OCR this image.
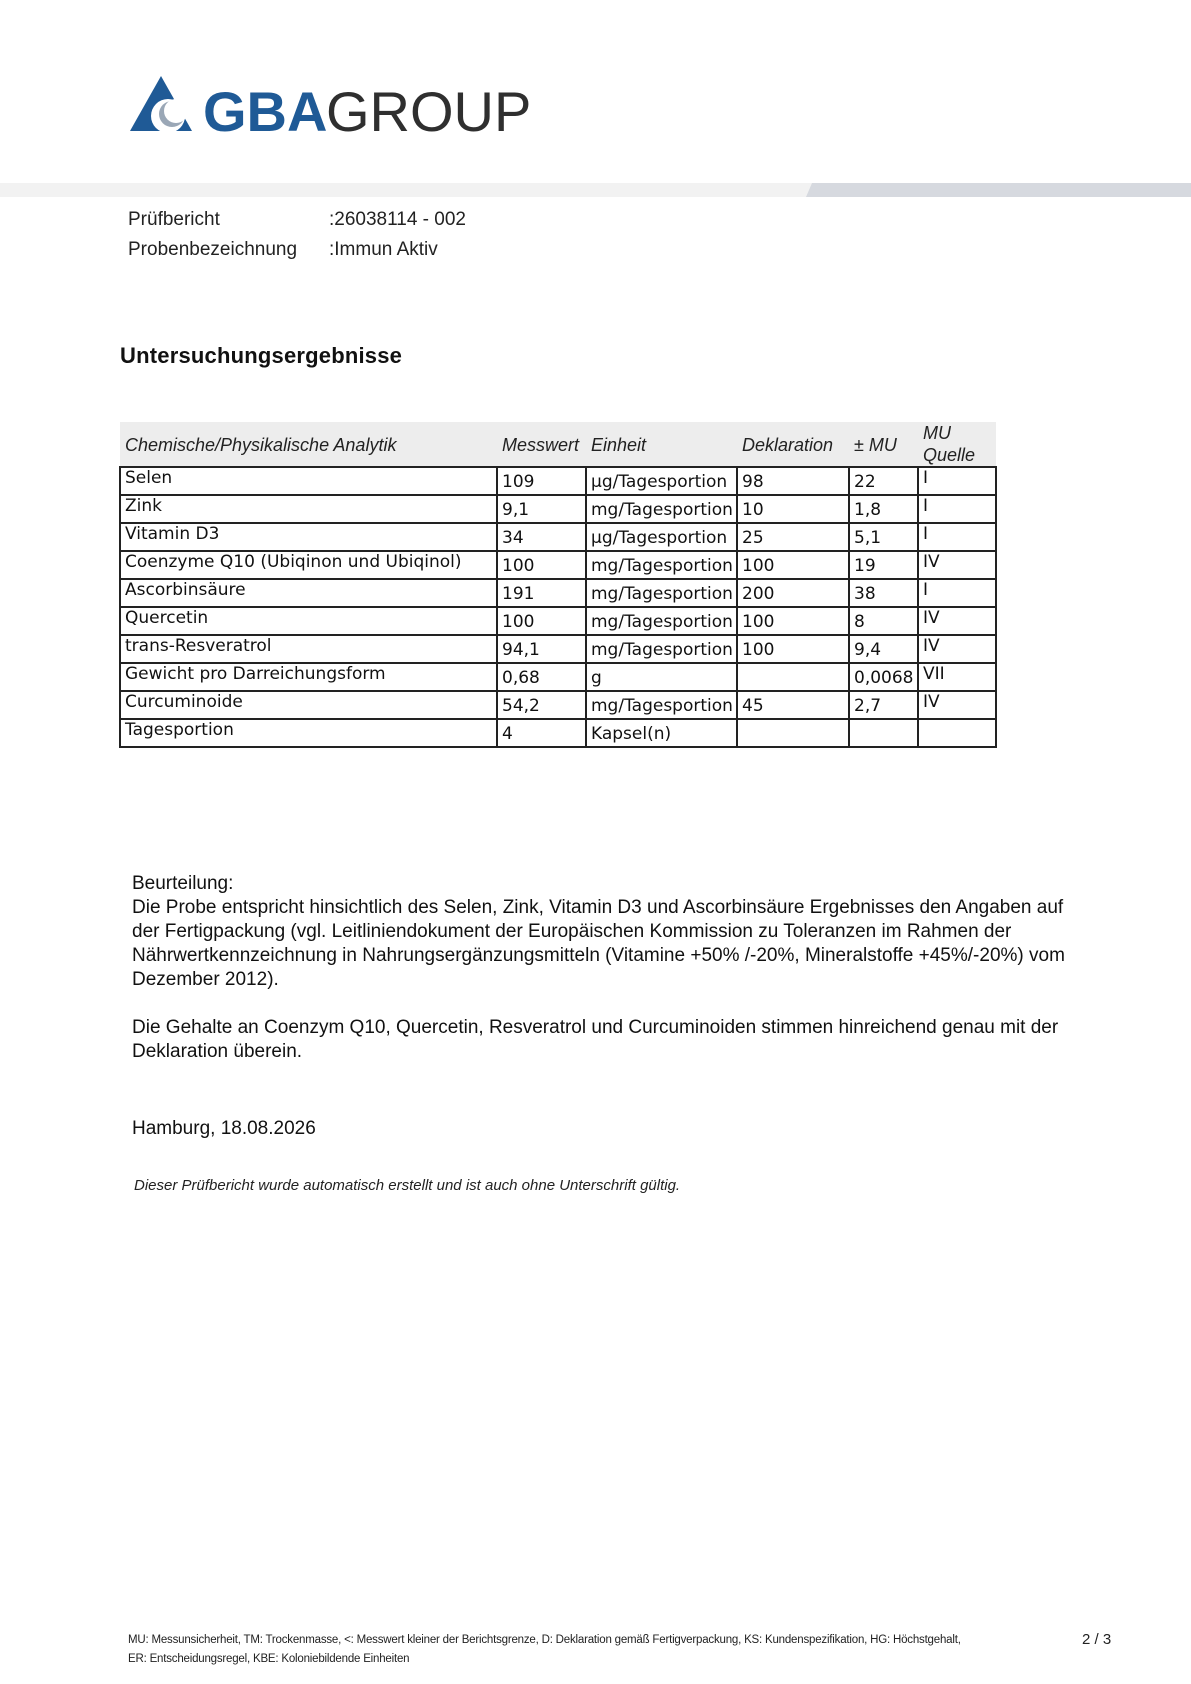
GBA
GROUP
Prüfbericht	:26038114 - 002
Probenbezeichnung :Immun Aktiv
Untersuchungsergebnisse
Chemische/Physikalische Analytik	Messwert	Einheit	Deklaration	± MU	MU
Quelle

Selen	109	µg/Tagesportion	98	22	I

Zink	9,1	mg/Tagesportion	10	1,8	I

Vitamin D3	34	µg/Tagesportion	25	5,1	I

Coenzyme Q10 (Ubiqinon und Ubiqinol)	100	mg/Tagesportion	100	19	IV

Ascorbinsäure	191	mg/Tagesportion	200	38	I

Quercetin	100	mg/Tagesportion	100	8	IV

trans-Resveratrol	94,1	mg/Tagesportion	100	9,4	IV

Gewicht pro Darreichungsform	0,68	g		0,0068	VII

Curcuminoide	54,2	mg/Tagesportion	45	2,7	IV

Tagesportion	4	Kapsel(n)			

Beurteilung:
Die Probe entspricht hinsichtlich des Selen, Zink, Vitamin D3 und Ascorbinsäure Ergebnisses den Angaben auf
der Fertigpackung (vgl. Leitliniendokument der Europäischen Kommission zu Toleranzen im Rahmen der
Nährwertkennzeichnung in Nahrungsergänzungsmitteln (Vitamine +50% /-20%, Mineralstoffe +45%/-20%) vom
Dezember 2012).
Die Gehalte an Coenzym Q10, Quercetin, Resveratrol und Curcuminoiden stimmen hinreichend genau mit der
Deklaration überein.
Hamburg, 18.08.2026
Dieser Prüfbericht wurde automatisch erstellt und ist auch ohne Unterschrift gültig.
MU: Messunsicherheit, TM: Trockenmasse, <: Messwert kleiner der Berichtsgrenze, D: Deklaration gemäß Fertigverpackung, KS: Kundenspezifikation, HG: Höchstgehalt,
ER: Entscheidungsregel, KBE: Koloniebildende Einheiten
2 / 3
